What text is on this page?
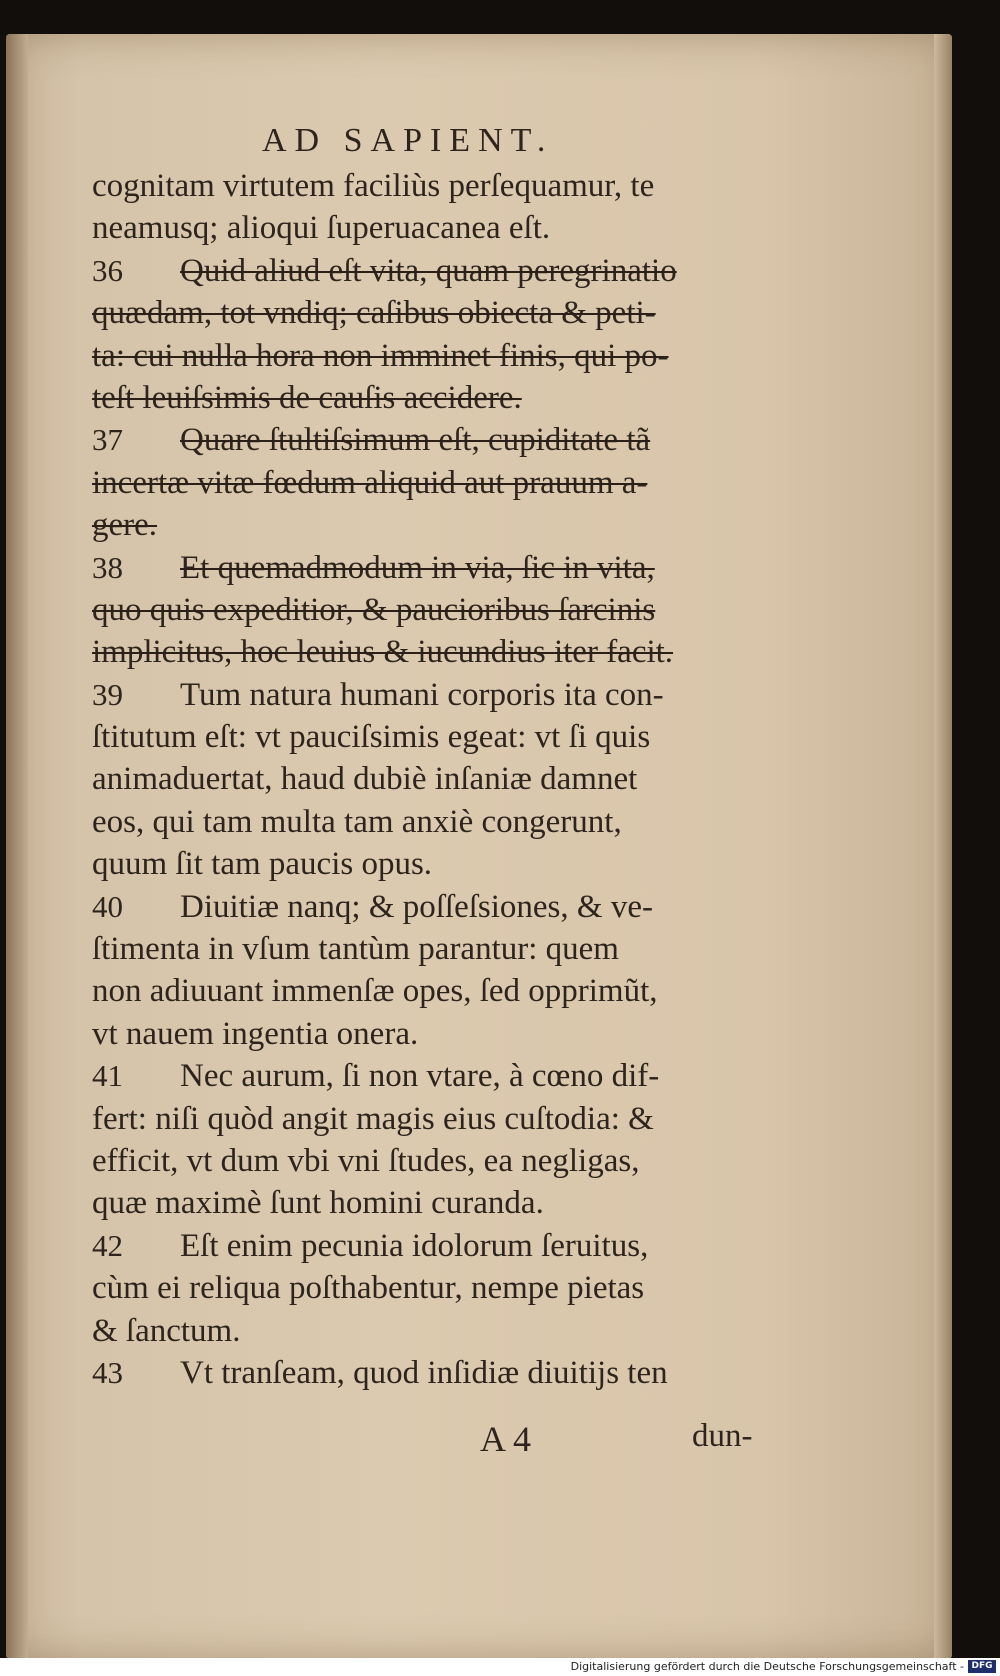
AD SAPIENT.
cognitam virtutem faciliùs perſequamur, te
neamusq; alioqui ſuperuacanea eſt.
36	Quid aliud eſt vita, quam peregrinatio
quædam, tot vndiq; caſibus obiecta & peti-
ta: cui nulla hora non imminet finis, qui po-
teſt leuiſsimis de cauſis accidere.
37	Quare ſtultiſsimum eſt, cupiditate tã
incertæ vitæ fœdum aliquid aut prauum a-
gere.
38	Et quemadmodum in via, ſic in vita,
quo quis expeditior, & paucioribus ſarcinis
implicitus, hoc leuius & iucundius iter facit.
39	Tum natura humani corporis ita con-
ſtitutum eſt: vt pauciſsimis egeat: vt ſi quis
animaduertat, haud dubiè inſaniæ damnet
eos, qui tam multa tam anxiè congerunt,
quum ſit tam paucis opus.
40	Diuitiæ nanq; & poſſeſsiones, & ve-
ſtimenta in vſum tantùm parantur: quem
non adiuuant immenſæ opes, ſed opprimũt,
vt nauem ingentia onera.
41	Nec aurum, ſi non vtare, à cœno dif-
fert: niſi quòd angit magis eius cuſtodia: &
efficit, vt dum vbi vni ſtudes, ea negligas,
quæ maximè ſunt homini curanda.
42	Eſt enim pecunia idolorum ſeruitus,
cùm ei reliqua poſthabentur, nempe pietas
& ſanctum.
43	Vt tranſeam, quod inſidiæ diuitijs ten
A 4	dun-
Digitalisierung gefördert durch die Deutsche Forschungsgemeinschaft - DFG
